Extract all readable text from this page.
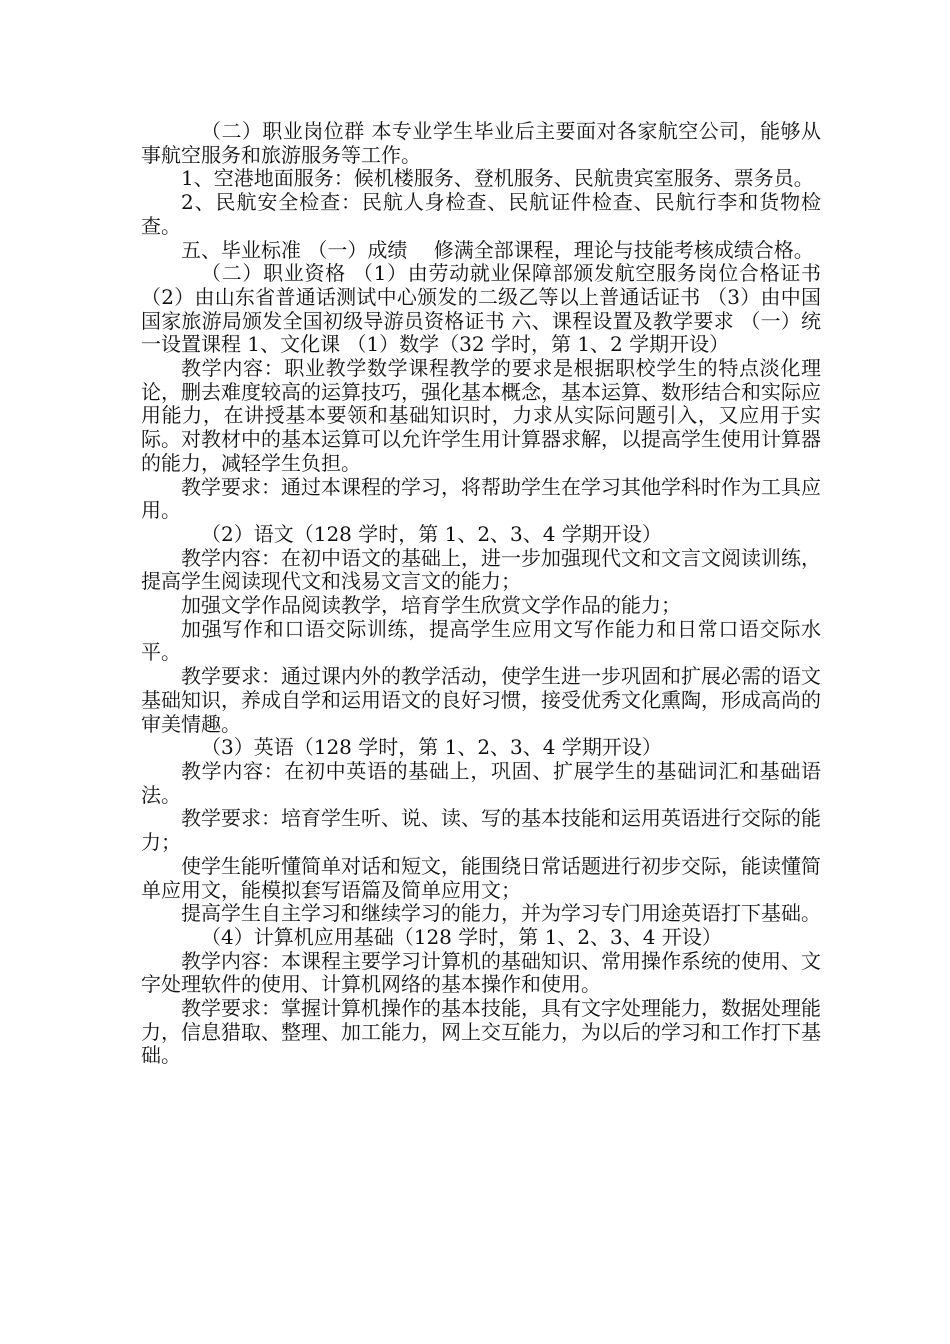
（二）职业岗位群 本专业学生毕业后主要面对各家航空公司，能够从事航空服务和旅游服务等工作。

1、空港地面服务：候机楼服务、登机服务、民航贵宾室服务、票务员。

2、民航安全检查：民航人身检查、民航证件检查、民航行李和货物检查。

五、毕业标准 （一）成绩　 修满全部课程，理论与技能考核成绩合格。

（二）职业资格 （1）由劳动就业保障部颁发航空服务岗位合格证书 （2）由山东省普通话测试中心颁发的二级乙等以上普通话证书 （3）由中国国家旅游局颁发全国初级导游员资格证书 六、课程设置及教学要求 （一）统一设置课程 1、文化课 （1）数学（32 学时，第 1、2 学期开设）

教学内容：职业教学数学课程教学的要求是根据职校学生的特点淡化理论，删去难度较高的运算技巧，强化基本概念，基本运算、数形结合和实际应用能力，在讲授基本要领和基础知识时，力求从实际问题引入，又应用于实际。对教材中的基本运算可以允许学生用计算器求解，以提高学生使用计算器的能力，减轻学生负担。

教学要求：通过本课程的学习，将帮助学生在学习其他学科时作为工具应用。

（2）语文（128 学时，第 1、2、3、4 学期开设）

教学内容：在初中语文的基础上，进一步加强现代文和文言文阅读训练，提高学生阅读现代文和浅易文言文的能力；

加强文学作品阅读教学，培育学生欣赏文学作品的能力；

加强写作和口语交际训练，提高学生应用文写作能力和日常口语交际水平。

教学要求：通过课内外的教学活动，使学生进一步巩固和扩展必需的语文基础知识，养成自学和运用语文的良好习惯，接受优秀文化熏陶，形成高尚的审美情趣。

（3）英语（128 学时，第 1、2、3、4 学期开设）

教学内容：在初中英语的基础上，巩固、扩展学生的基础词汇和基础语法。

教学要求：培育学生听、说、读、写的基本技能和运用英语进行交际的能力；

使学生能听懂简单对话和短文，能围绕日常话题进行初步交际，能读懂简单应用文，能模拟套写语篇及简单应用文；

提高学生自主学习和继续学习的能力，并为学习专门用途英语打下基础。

（4）计算机应用基础（128 学时，第 1、2、3、4 开设）

教学内容：本课程主要学习计算机的基础知识、常用操作系统的使用、文字处理软件的使用、计算机网络的基本操作和使用。

教学要求：掌握计算机操作的基本技能，具有文字处理能力，数据处理能力，信息猎取、整理、加工能力，网上交互能力，为以后的学习和工作打下基础。
